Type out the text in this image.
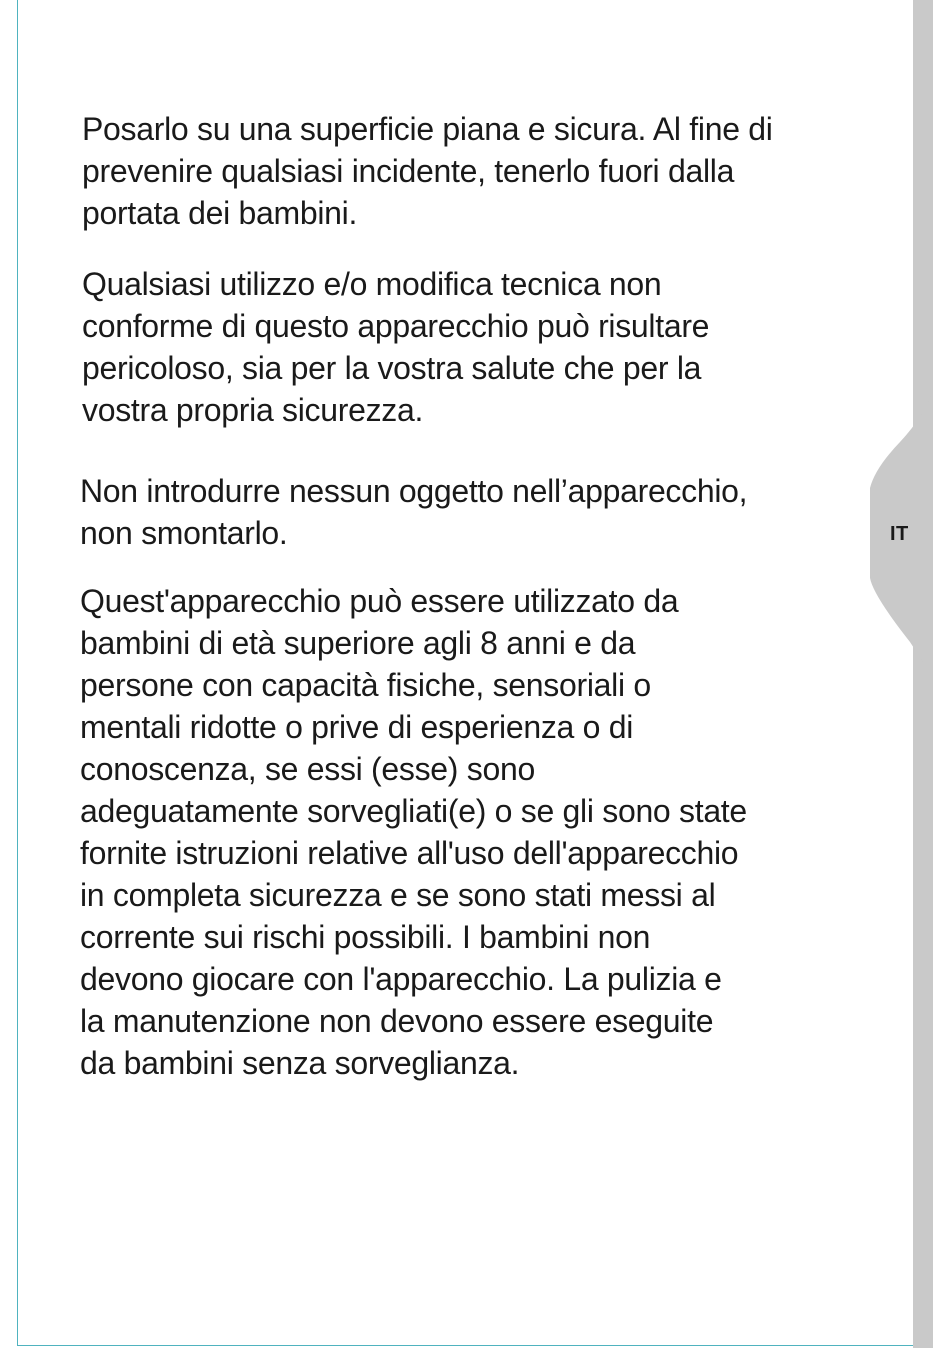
IT
Posarlo su una superficie piana e sicura. Al fine di
prevenire qualsiasi incidente, tenerlo fuori dalla
portata dei bambini.
Qualsiasi utilizzo e/o modifica tecnica non
conforme di questo apparecchio può risultare
pericoloso, sia per la vostra salute che per la
vostra propria sicurezza.
Non introdurre nessun oggetto nell’apparecchio,
non smontarlo.
Quest'apparecchio può essere utilizzato da
bambini di età superiore agli 8 anni e da
persone con capacità fisiche, sensoriali o
mentali ridotte o prive di esperienza o di
conoscenza, se essi (esse) sono
adeguatamente sorvegliati(e) o se gli sono state
fornite istruzioni relative all'uso dell'apparecchio
in completa sicurezza e se sono stati messi al
corrente sui rischi possibili. I bambini non
devono giocare con l'apparecchio. La pulizia e
la manutenzione non devono essere eseguite
da bambini senza sorveglianza.
